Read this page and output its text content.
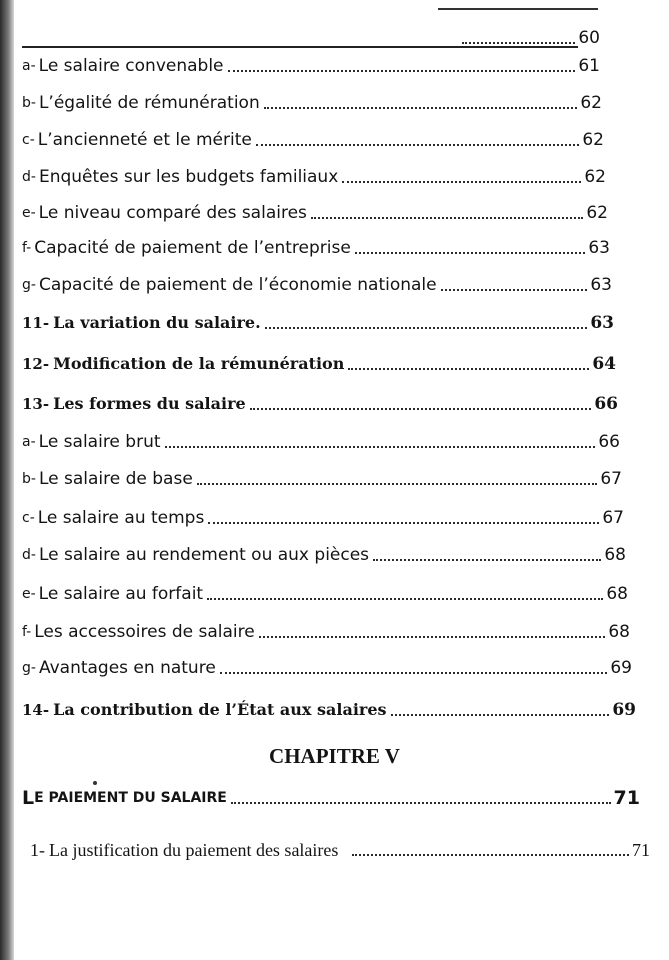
60
a- Le salaire convenable	61
b- L’égalité de rémunération	62
c- L’ancienneté et le mérite	62
d- Enquêtes sur les budgets familiaux	62
e- Le niveau comparé des salaires	62
f- Capacité de paiement de l’entreprise	63
g- Capacité de paiement de l’économie nationale	63
11- La variation du salaire.	63
12- Modification de la rémunération	64
13- Les formes du salaire	66
a- Le salaire brut	66
b- Le salaire de base	67
c- Le salaire au temps	67
d- Le salaire au rendement ou aux pièces	68
e- Le salaire au forfait	68
f- Les accessoires de salaire	68
g- Avantages en nature	69
14- La contribution de l’État aux salaires	69
CHAPITRE V
L E PAIEMENT DU SALAIRE	71
1- La justification du paiement des salaires	71
